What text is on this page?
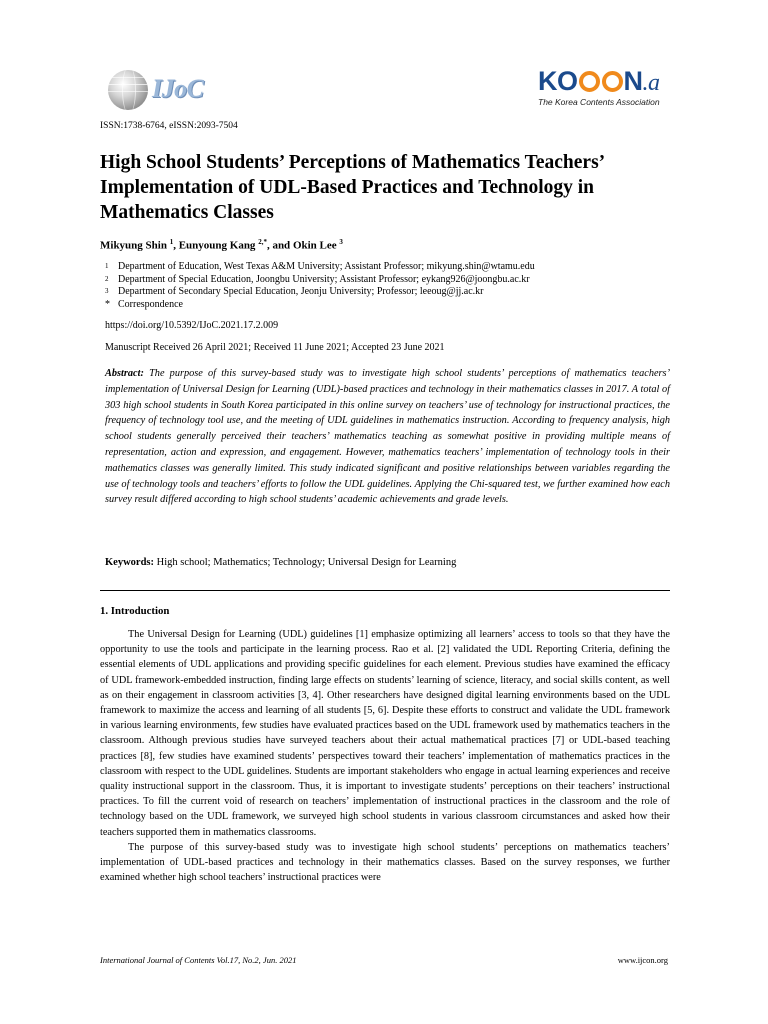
IJoC	KO N.a
The Korea Contents Association
ISSN:1738-6764, eISSN:2093-7504
High School Students’ Perceptions of Mathematics Teachers’ Implementation of UDL-Based Practices and Technology in Mathematics Classes
Mikyung Shin $^1$, Eunyoung Kang $^{2,*}$, and Okin Lee $^3$
1 Department of Education, West Texas A&M University; Assistant Professor; mikyung.shin@wtamu.edu
2 Department of Special Education, Joongbu University; Assistant Professor; eykang926@joongbu.ac.kr
3 Department of Secondary Special Education, Jeonju University; Professor; leeoug@jj.ac.kr
* Correspondence
https://doi.org/10.5392/IJoC.2021.17.2.009
Manuscript Received 26 April 2021; Received 11 June 2021; Accepted 23 June 2021
Abstract: The purpose of this survey-based study was to investigate high school students’ perceptions of mathematics teachers’ implementation of Universal Design for Learning (UDL)-based practices and technology in their mathematics classes in 2017. A total of 303 high school students in South Korea participated in this online survey on teachers’ use of technology for instructional practices, the frequency of technology tool use, and the meeting of UDL guidelines in mathematics instruction. According to frequency analysis, high school students generally perceived their teachers’ mathematics teaching as somewhat positive in providing multiple means of representation, action and expression, and engagement. However, mathematics teachers’ implementation of technology tools in their mathematics classes was generally limited. This study indicated significant and positive relationships between variables regarding the use of technology tools and teachers’ efforts to follow the UDL guidelines. Applying the Chi-squared test, we further examined how each survey result differed according to high school students’ academic achievements and grade levels.
Keywords: High school; Mathematics; Technology; Universal Design for Learning
1. Introduction

The Universal Design for Learning (UDL) guidelines [1] emphasize optimizing all learners’ access to tools so that they have the opportunity to use the tools and participate in the learning process. Rao et al. [2] validated the UDL Reporting Criteria, defining the essential elements of UDL applications and providing specific guidelines for each element. Previous studies have examined the efficacy of UDL framework-embedded instruction, finding large effects on students’ learning of science, literacy, and social skills content, as well as on their engagement in classroom activities [3, 4]. Other researchers have designed digital learning environments based on the UDL framework to maximize the access and learning of all students [5, 6]. Despite these efforts to construct and validate the UDL framework in various learning environments, few studies have evaluated practices based on the UDL framework used by mathematics teachers in the classroom. Although previous studies have surveyed teachers about their actual mathematical practices [7] or UDL-based teaching practices [8], few studies have examined students’ perspectives toward their teachers’ implementation of mathematics practices in the classroom with respect to the UDL guidelines. Students are important stakeholders who engage in actual learning experiences and receive quality instructional support in the classroom. Thus, it is important to investigate students’ perceptions on their teachers’ instructional practices. To fill the current void of research on teachers’ implementation of instructional practices in the classroom and the role of technology based on the UDL framework, we surveyed high school students in various classroom circumstances and asked how their teachers supported them in mathematics classrooms.

The purpose of this survey-based study was to investigate high school students’ perceptions on mathematics teachers’ implementation of UDL-based practices and technology in their mathematics classes. Based on the survey responses, we further examined whether high school teachers’ instructional practices were

International Journal of Contents Vol.17, No.2, Jun. 2021	www.ijcon.org
